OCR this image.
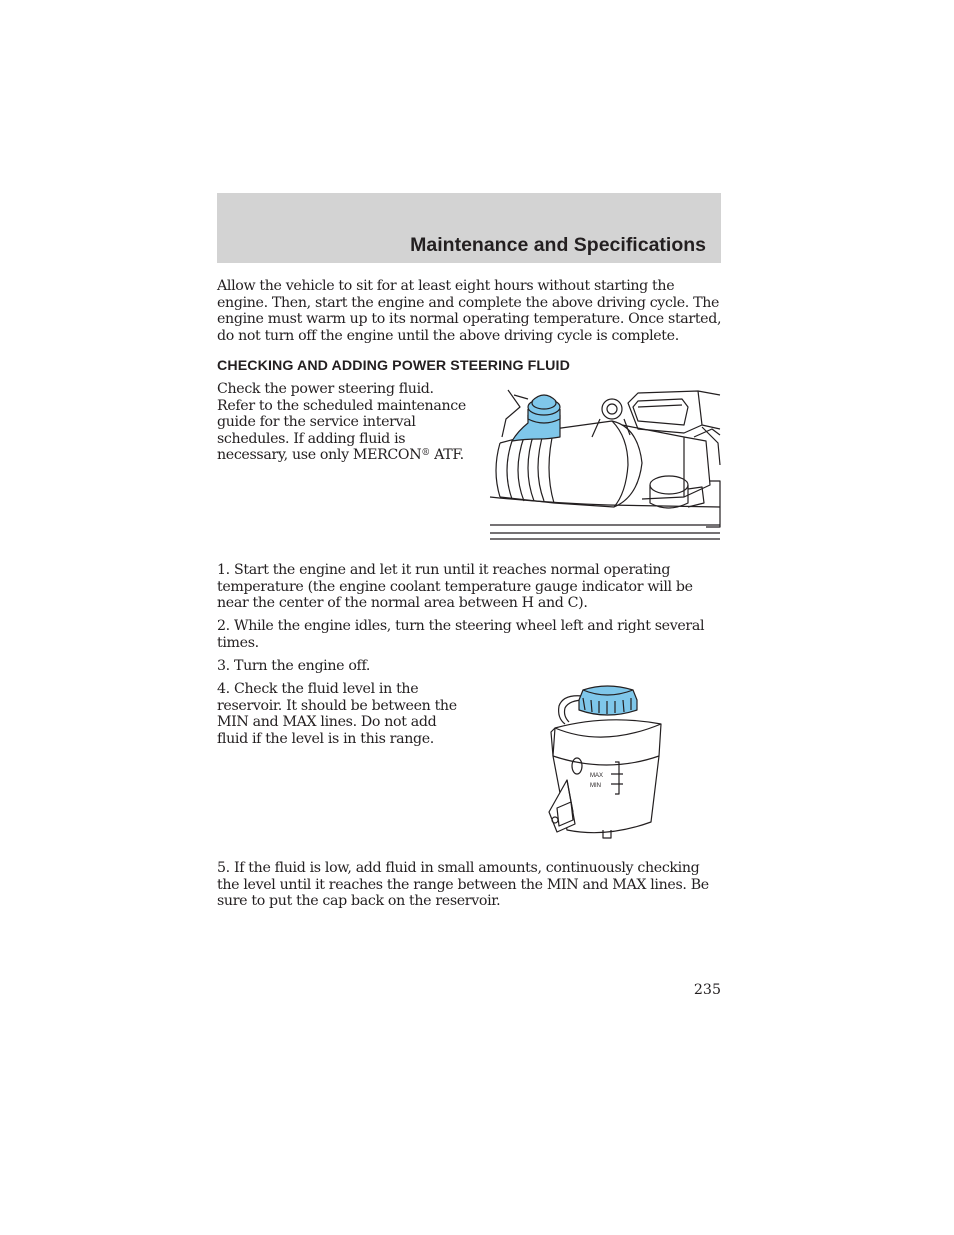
Maintenance and Specifications

Allow the vehicle to sit for at least eight hours without starting the engine. Then, start the engine and complete the above driving cycle. The engine must warm up to its normal operating temperature. Once started, do not turn off the engine until the above driving cycle is complete.

CHECKING AND ADDING POWER STEERING FLUID

Check the power steering fluid. Refer to the scheduled maintenance guide for the service interval schedules. If adding fluid is necessary, use only MERCON® ATF.

1. Start the engine and let it run until it reaches normal operating temperature (the engine coolant temperature gauge indicator will be near the center of the normal area between H and C).

2. While the engine idles, turn the steering wheel left and right several times.

3. Turn the engine off.

4. Check the fluid level in the reservoir. It should be between the MIN and MAX lines. Do not add fluid if the level is in this range.

MAX
MIN

5. If the fluid is low, add fluid in small amounts, continuously checking the level until it reaches the range between the MIN and MAX lines. Be sure to put the cap back on the reservoir.

235
